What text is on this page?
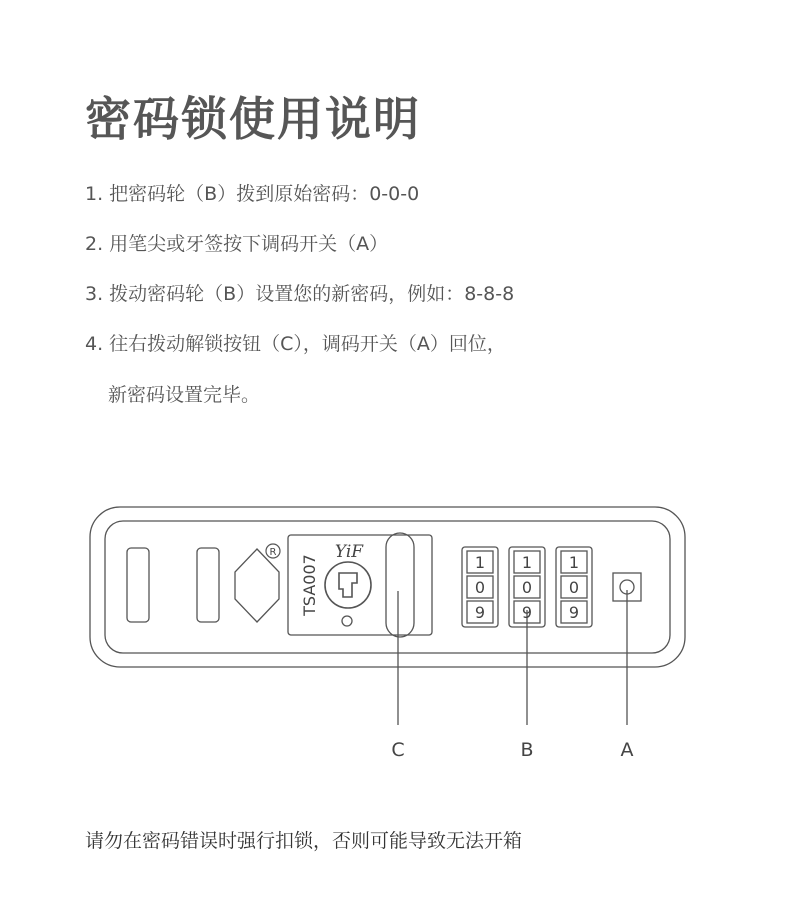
密码锁使用说明
1. 把密码轮（B）拨到原始密码：0-0-0
2. 用笔尖或牙签按下调码开关（A）
3. 拨动密码轮（B）设置您的新密码，例如：8-8-8
4. 往右拨动解锁按钮（C），调码开关（A）回位，
新密码设置完毕。
R	YiF
TSA007	1
0
9
1
0
9
1
0
9
C	B	A
请勿在密码错误时强行扣锁，否则可能导致无法开箱
